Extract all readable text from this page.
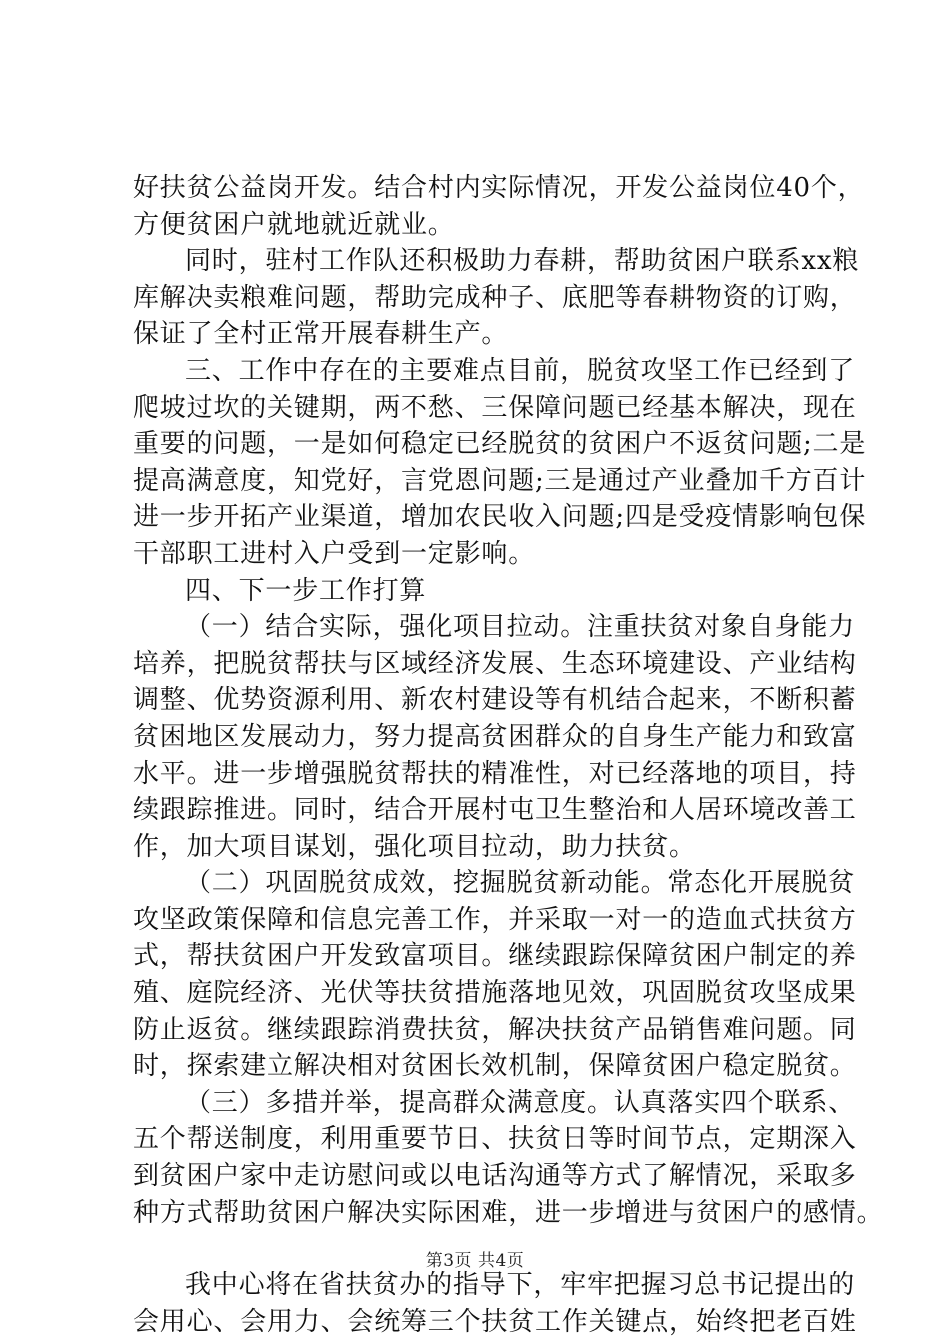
好扶贫公益岗开发。结合村内实际情况，开发公益岗位40个，
方便贫困户就地就近就业。
同时，驻村工作队还积极助力春耕，帮助贫困户联系xx粮
库解决卖粮难问题，帮助完成种子、底肥等春耕物资的订购，
保证了全村正常开展春耕生产。
三、工作中存在的主要难点目前，脱贫攻坚工作已经到了
爬坡过坎的关键期，两不愁、三保障问题已经基本解决，现在
重要的问题，一是如何稳定已经脱贫的贫困户不返贫问题;二是
提高满意度，知党好，言党恩问题;三是通过产业叠加千方百计
进一步开拓产业渠道，增加农民收入问题;四是受疫情影响包保
干部职工进村入户受到一定影响。
四、下一步工作打算
（一）结合实际，强化项目拉动。注重扶贫对象自身能力
培养，把脱贫帮扶与区域经济发展、生态环境建设、产业结构
调整、优势资源利用、新农村建设等有机结合起来，不断积蓄
贫困地区发展动力，努力提高贫困群众的自身生产能力和致富
水平。进一步增强脱贫帮扶的精准性，对已经落地的项目，持
续跟踪推进。同时，结合开展村屯卫生整治和人居环境改善工
作，加大项目谋划，强化项目拉动，助力扶贫。
（二）巩固脱贫成效，挖掘脱贫新动能。常态化开展脱贫
攻坚政策保障和信息完善工作，并采取一对一的造血式扶贫方
式，帮扶贫困户开发致富项目。继续跟踪保障贫困户制定的养
殖、庭院经济、光伏等扶贫措施落地见效，巩固脱贫攻坚成果
防止返贫。继续跟踪消费扶贫，解决扶贫产品销售难问题。同
时，探索建立解决相对贫困长效机制，保障贫困户稳定脱贫。
（三）多措并举，提高群众满意度。认真落实四个联系、
五个帮送制度，利用重要节日、扶贫日等时间节点，定期深入
到贫困户家中走访慰问或以电话沟通等方式了解情况，采取多
种方式帮助贫困户解决实际困难，进一步增进与贫困户的感情。
我中心将在省扶贫办的指导下，牢牢把握习总书记提出的
会用心、会用力、会统筹三个扶贫工作关键点，始终把老百姓
第3页 共4页
